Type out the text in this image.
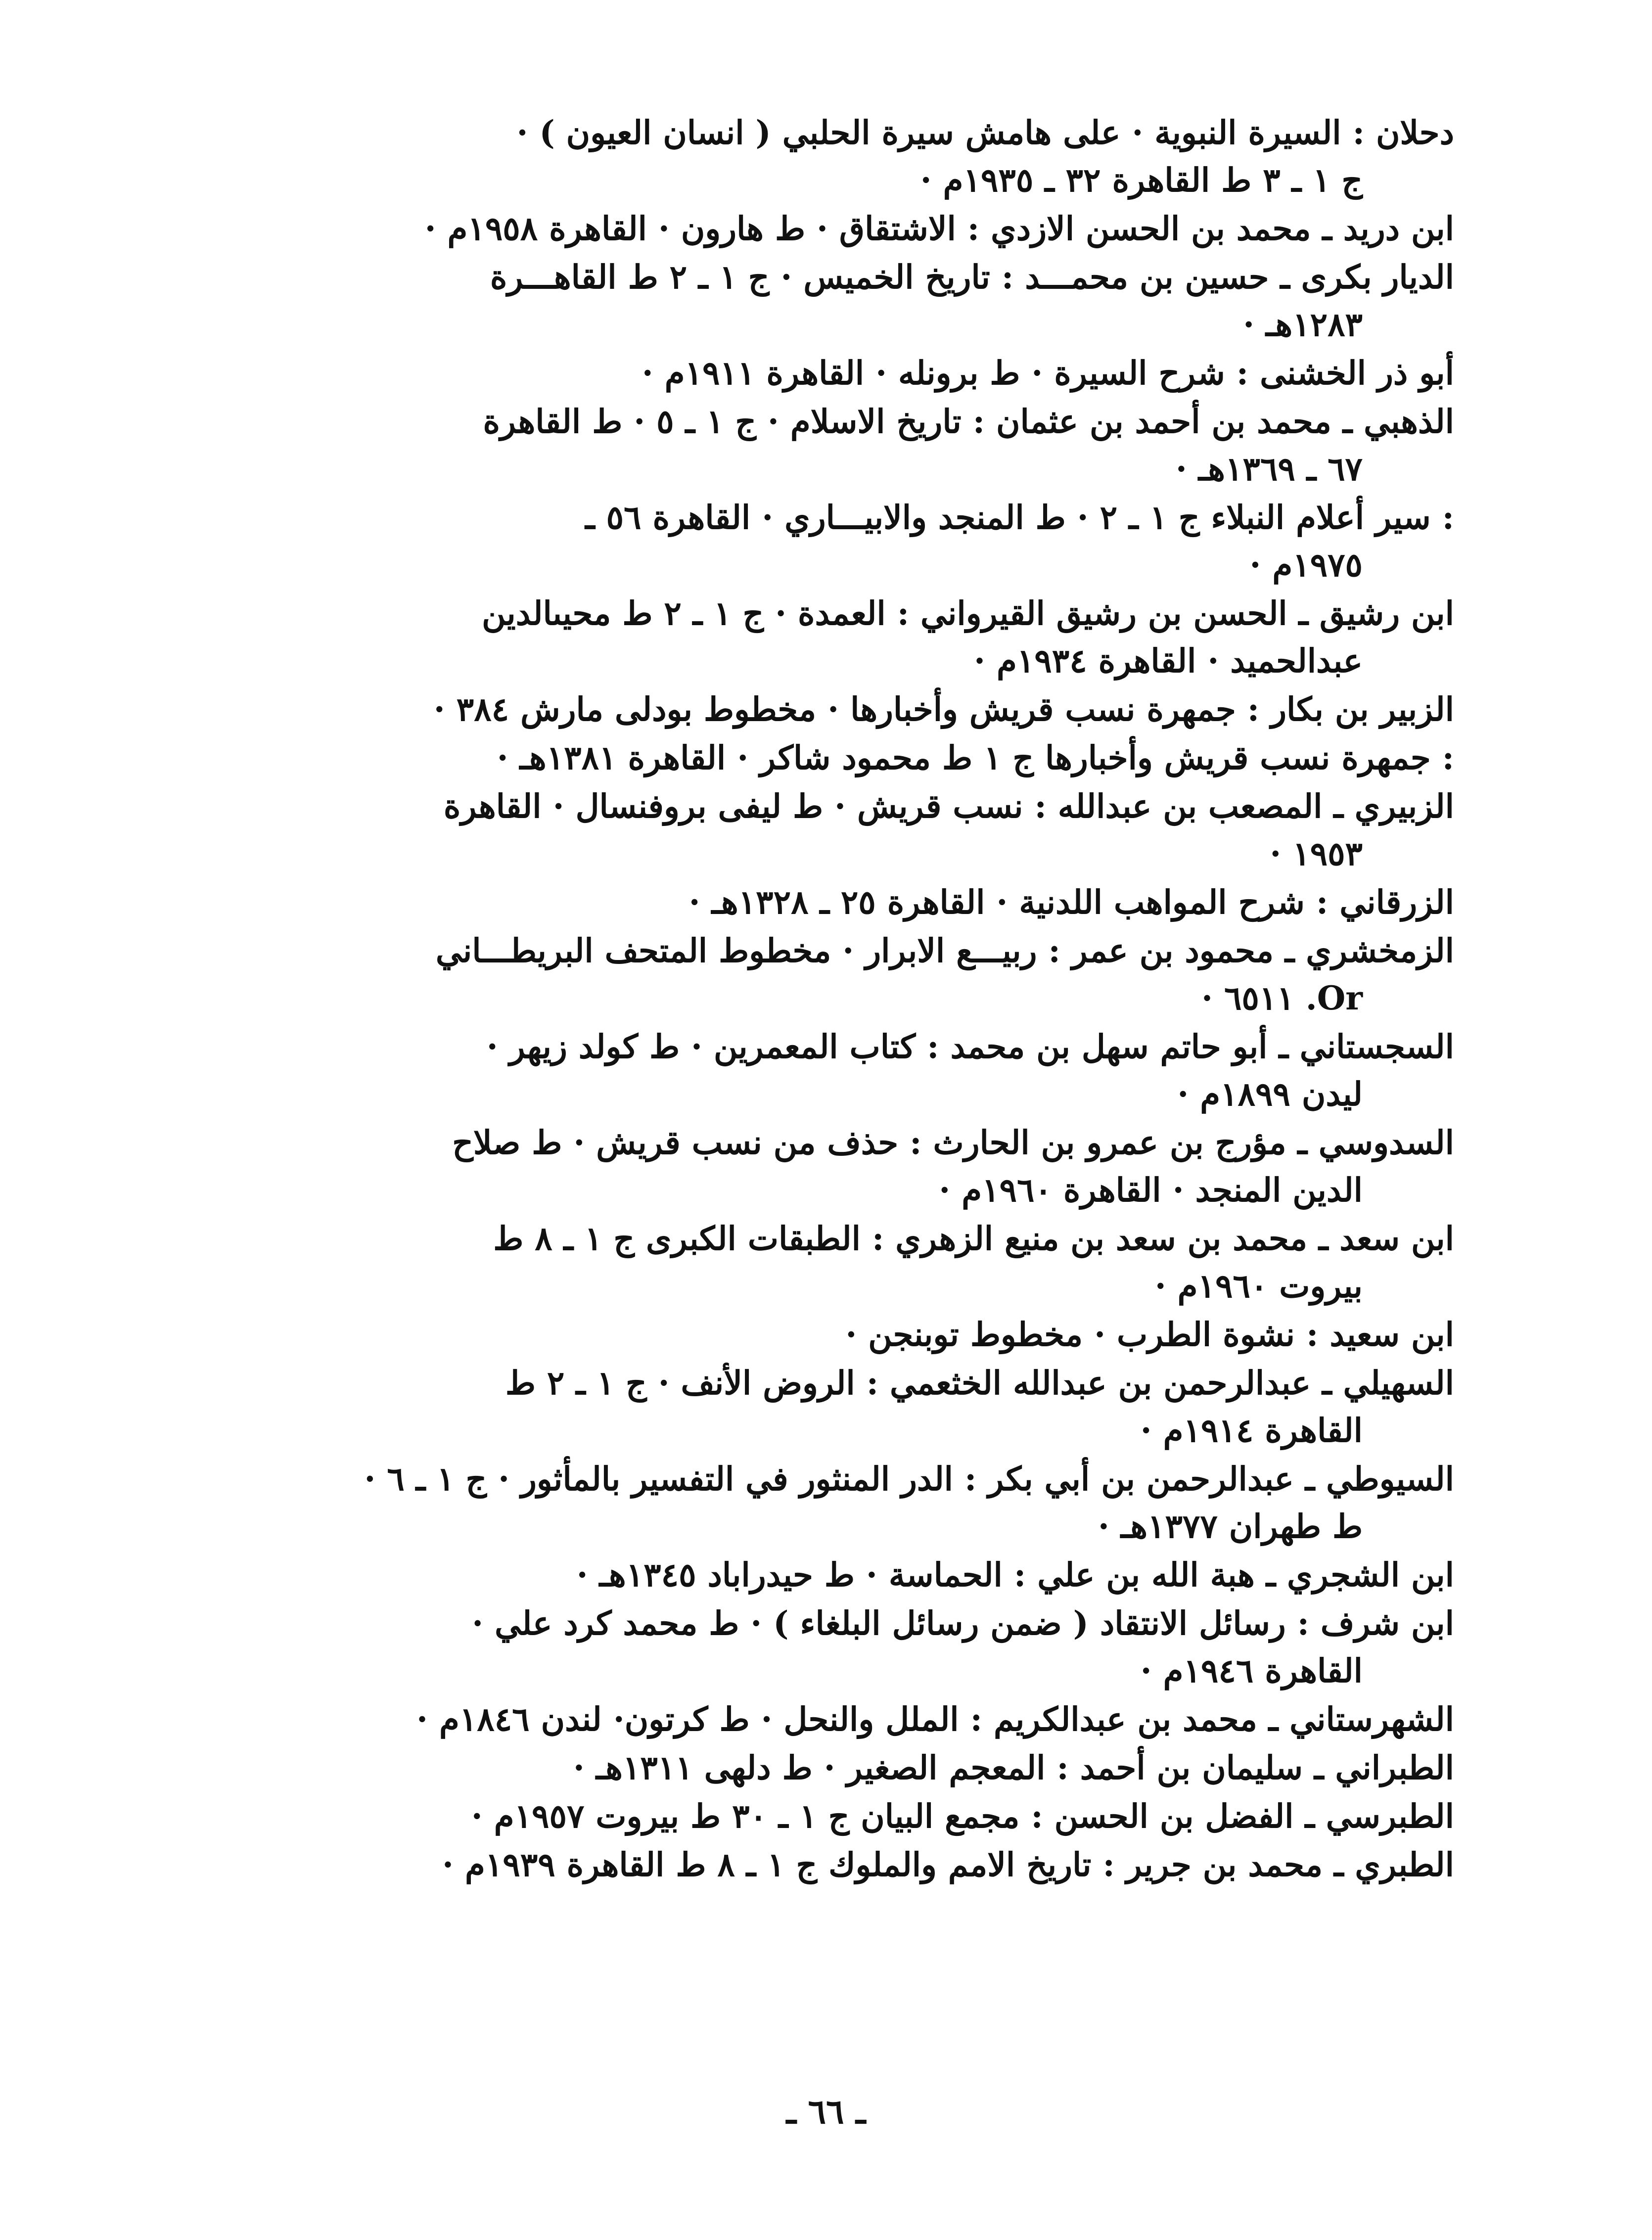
دحلان : السيرة النبوية · على هامش سيرة الحلبي ( انسان العيون ) ·
ج ١ ـ ٣ ط القاهرة ٣٢ ـ ١٩٣٥م ·
ابن دريد ـ محمد بن الحسن الازدي : الاشتقاق · ط هارون · القاهرة ١٩٥٨م ·
الديار بكرى ـ حسين بن محمـــد : تاريخ الخميس · ج ١ ـ ٢ ط القاهـــرة
١٢٨٣هـ ·
أبو ذر الخشنى : شرح السيرة · ط برونله · القاهرة ١٩١١م ·
الذهبي ـ محمد بن أحمد بن عثمان : تاريخ الاسلام · ج ١ ـ ٥ · ط القاهرة
٦٧ ـ ١٣٦٩هـ ·
: سير أعلام النبلاء ج ١ ـ ٢ · ط المنجد والابيـــاري · القاهرة ٥٦ ـ
١٩٧٥م ·
ابن رشيق ـ الحسن بن رشيق القيرواني : العمدة · ج ١ ـ ٢ ط محيىالدين
عبدالحميد · القاهرة ١٩٣٤م ·
الزبير بن بكار : جمهرة نسب قريش وأخبارها · مخطوط بودلى مارش ٣٨٤ ·
: جمهرة نسب قريش وأخبارها ج ١ ط محمود شاكر · القاهرة ١٣٨١هـ ·
الزبيري ـ المصعب بن عبدالله : نسب قريش · ط ليفى بروفنسال · القاهرة
١٩٥٣ ·
الزرقاني : شرح المواهب اللدنية · القاهرة ٢٥ ـ ١٣٢٨هـ ·
الزمخشري ـ محمود بن عمر : ربيـــع الابرار · مخطوط المتحف البريطـــاني
Or. ٦٥١١ ·
السجستاني ـ أبو حاتم سهل بن محمد : كتاب المعمرين · ط كولد زيهر ·
ليدن ١٨٩٩م ·
السدوسي ـ مؤرج بن عمرو بن الحارث : حذف من نسب قريش · ط صلاح
الدين المنجد · القاهرة ١٩٦٠م ·
ابن سعد ـ محمد بن سعد بن منيع الزهري : الطبقات الكبرى ج ١ ـ ٨ ط
بيروت ١٩٦٠م ·
ابن سعيد : نشوة الطرب · مخطوط توبنجن ·
السهيلي ـ عبدالرحمن بن عبدالله الخثعمي : الروض الأنف · ج ١ ـ ٢ ط
القاهرة ١٩١٤م ·
السيوطي ـ عبدالرحمن بن أبي بكر : الدر المنثور في التفسير بالمأثور · ج ١ ـ ٦ ·
ط طهران ١٣٧٧هـ ·
ابن الشجري ـ هبة الله بن علي : الحماسة · ط حيدراباد ١٣٤٥هـ ·
ابن شرف : رسائل الانتقاد ( ضمن رسائل البلغاء ) · ط محمد كرد علي ·
القاهرة ١٩٤٦م ·
الشهرستاني ـ محمد بن عبدالكريم : الملل والنحل · ط كرتون· لندن ١٨٤٦م ·
الطبراني ـ سليمان بن أحمد : المعجم الصغير · ط دلهى ١٣١١هـ ·
الطبرسي ـ الفضل بن الحسن : مجمع البيان ج ١ ـ ٣٠ ط بيروت ١٩٥٧م ·
الطبري ـ محمد بن جرير : تاريخ الامم والملوك ج ١ ـ ٨ ط القاهرة ١٩٣٩م ·
ـ ٦٦ ـ
